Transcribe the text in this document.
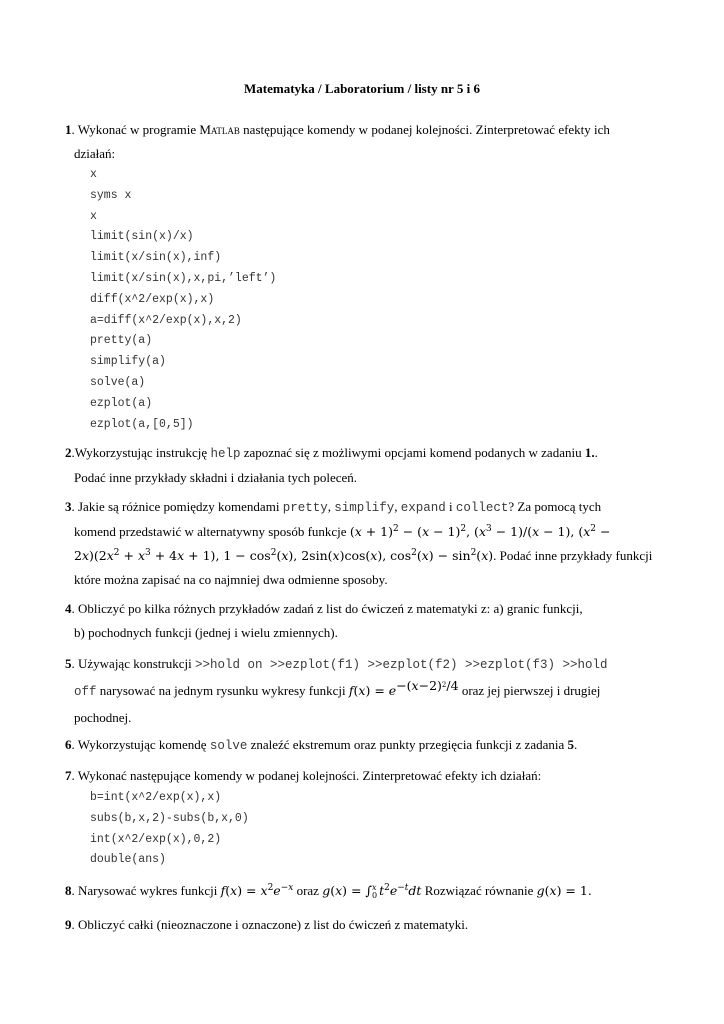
Matematyka / Laboratorium / listy nr 5 i 6
1. Wykonać w programie Matlab następujące komendy w podanej kolejności. Zinterpretować efekty ich
działań:
x
syms x
x
limit(sin(x)/x)
limit(x/sin(x),inf)
limit(x/sin(x),x,pi,’left’)
diff(x^2/exp(x),x)
a=diff(x^2/exp(x),x,2)
pretty(a)
simplify(a)
solve(a)
ezplot(a)
ezplot(a,[0,5])
2.Wykorzystując instrukcję help zapoznać się z możliwymi opcjami komend podanych w zadaniu 1..
Podać inne przykłady składni i działania tych poleceń.
3. Jakie są różnice pomiędzy komendami pretty, simplify, expand i collect? Za pomocą tych
komend przedstawić w alternatywny sposób funkcje $(x + 1)^2 - (x - 1)^2$, $(x^3 - 1)/(x - 1)$, ($x^2$ −
$2x)(2x^2 + x^3 + 4x + 1)$, $1 - \cos^2(x)$, 2sin(x)cos(x), $\cos^2(x) - \sin^2(x)$. Podać inne przykłady funkcji
które można zapisać na co najmniej dwa odmienne sposoby.
4. Obliczyć po kilka różnych przykładów zadań z list do ćwiczeń z matematyki z: a) granic funkcji,
b) pochodnych funkcji (jednej i wielu zmiennych).
5. Używając konstrukcji >>hold on >>ezplot(f1) >>ezplot(f2) >>ezplot(f3) >>hold
off narysować na jednym rysunku wykresy funkcji $f(x) = e^{-(x-2)^2/4}$ oraz jej pierwszej i drugiej
pochodnej.
6. Wykorzystując komendę solve znaleźć ekstremum oraz punkty przegięcia funkcji z zadania 5.
7. Wykonać następujące komendy w podanej kolejności. Zinterpretować efekty ich działań:
b=int(x^2/exp(x),x)
subs(b,x,2)-subs(b,x,0)
int(x^2/exp(x),0,2)
double(ans)
8. Narysować wykres funkcji $f(x) = x^2e^{-x}$ oraz g(x) = ∫ x
0 $t^2e^{-t}dt$ Rozwiązać równanie g(x) = 1.
9. Obliczyć całki (nieoznaczone i oznaczone) z list do ćwiczeń z matematyki.
